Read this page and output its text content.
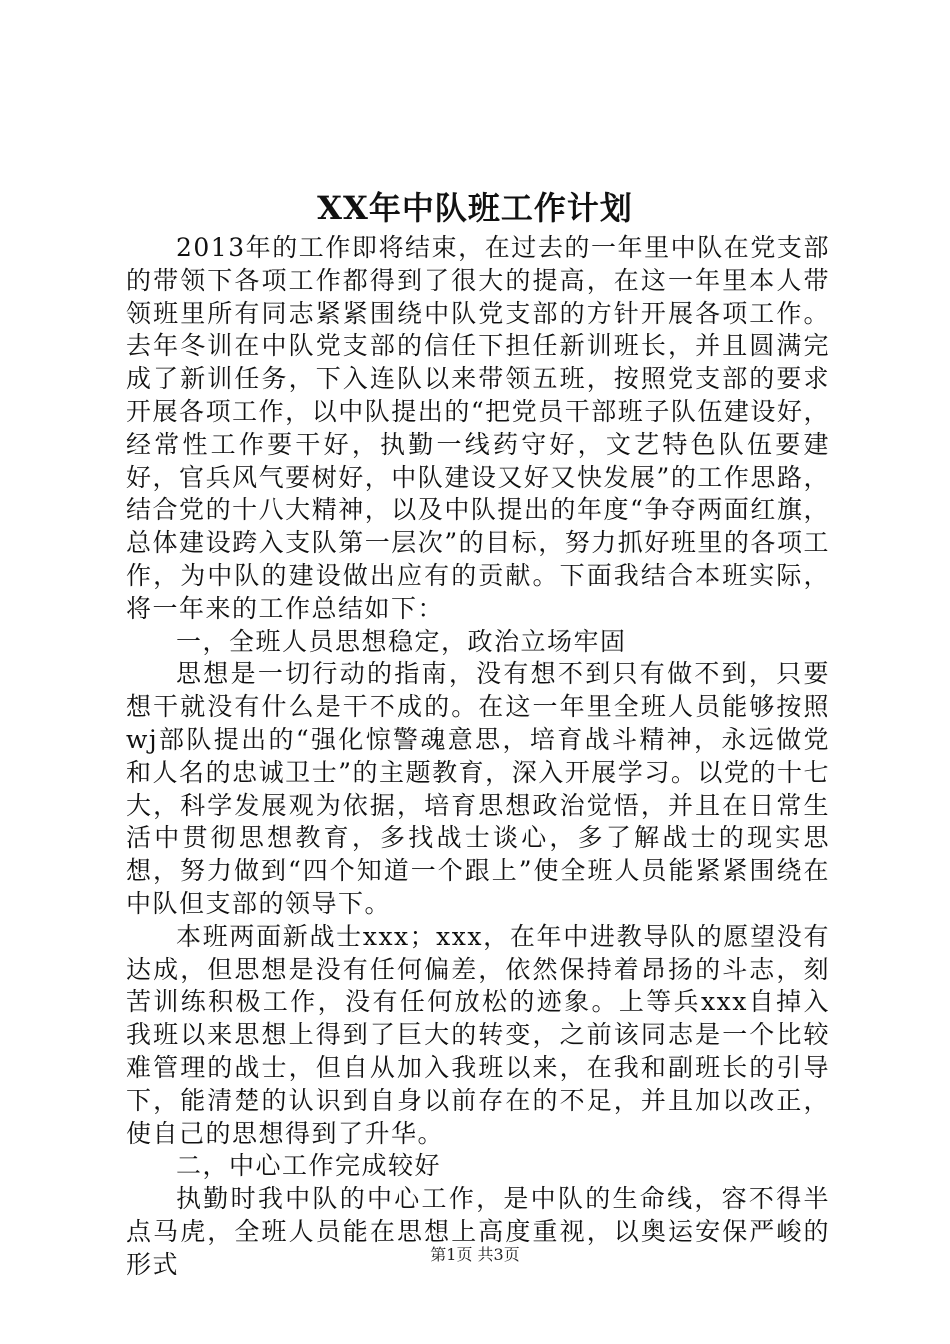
XX年中队班工作计划

2013年的工作即将结束，在过去的一年里中队在党支部的带领下各项工作都得到了很大的提高，在这一年里本人带领班里所有同志紧紧围绕中队党支部的方针开展各项工作。去年冬训在中队党支部的信任下担任新训班长，并且圆满完成了新训任务，下入连队以来带领五班，按照党支部的要求开展各项工作，以中队提出的“把党员干部班子队伍建设好，经常性工作要干好，执勤一线药守好，文艺特色队伍要建好，官兵风气要树好，中队建设又好又快发展”的工作思路，结合党的十八大精神，以及中队提出的年度“争夺两面红旗，总体建设跨入支队第一层次”的目标，努力抓好班里的各项工作，为中队的建设做出应有的贡献。下面我结合本班实际，将一年来的工作总结如下：

一，全班人员思想稳定，政治立场牢固

思想是一切行动的指南，没有想不到只有做不到，只要想干就没有什么是干不成的。在这一年里全班人员能够按照wj部队提出的“强化惊警魂意思，培育战斗精神，永远做党和人名的忠诚卫士”的主题教育，深入开展学习。以党的十七大，科学发展观为依据，培育思想政治觉悟，并且在日常生活中贯彻思想教育，多找战士谈心，多了解战士的现实思想，努力做到“四个知道一个跟上”使全班人员能紧紧围绕在中队但支部的领导下。

本班两面新战士xxx；xxx，在年中进教导队的愿望没有达成，但思想是没有任何偏差，依然保持着昂扬的斗志，刻苦训练积极工作，没有任何放松的迹象。上等兵xxx自掉入我班以来思想上得到了巨大的转变，之前该同志是一个比较难管理的战士，但自从加入我班以来，在我和副班长的引导下，能清楚的认识到自身以前存在的不足，并且加以改正，使自己的思想得到了升华。

二，中心工作完成较好

执勤时我中队的中心工作，是中队的生命线，容不得半点马虎，全班人员能在思想上高度重视，以奥运安保严峻的形式	第1页 共3页
